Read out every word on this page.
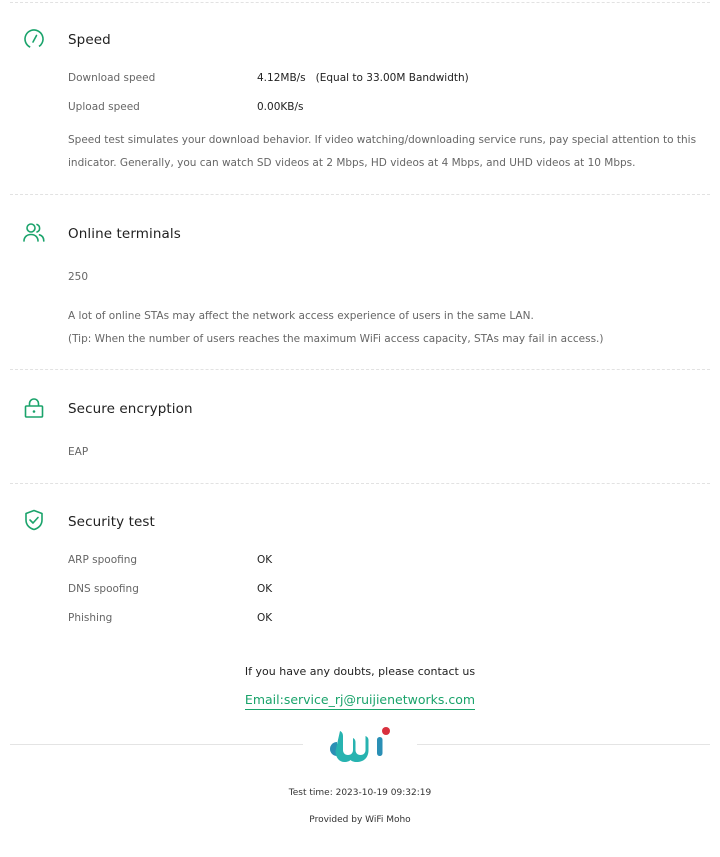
Speed
Download speed	4.12MB/s   (Equal to 33.00M Bandwidth)
Upload speed	0.00KB/s
Speed test simulates your download behavior. If video watching/downloading service runs, pay special attention to this indicator. Generally, you can watch SD videos at 2 Mbps, HD videos at 4 Mbps, and UHD videos at 10 Mbps.
Online terminals
250
A lot of online STAs may affect the network access experience of users in the same LAN.
(Tip: When the number of users reaches the maximum WiFi access capacity, STAs may fail in access.)
Secure encryption
EAP
Security test
ARP spoofing	OK
DNS spoofing	OK
Phishing	OK
If you have any doubts, please contact us
Email:service_rj@ruijienetworks.com
Test time: 2023-10-19 09:32:19
Provided by WiFi Moho
